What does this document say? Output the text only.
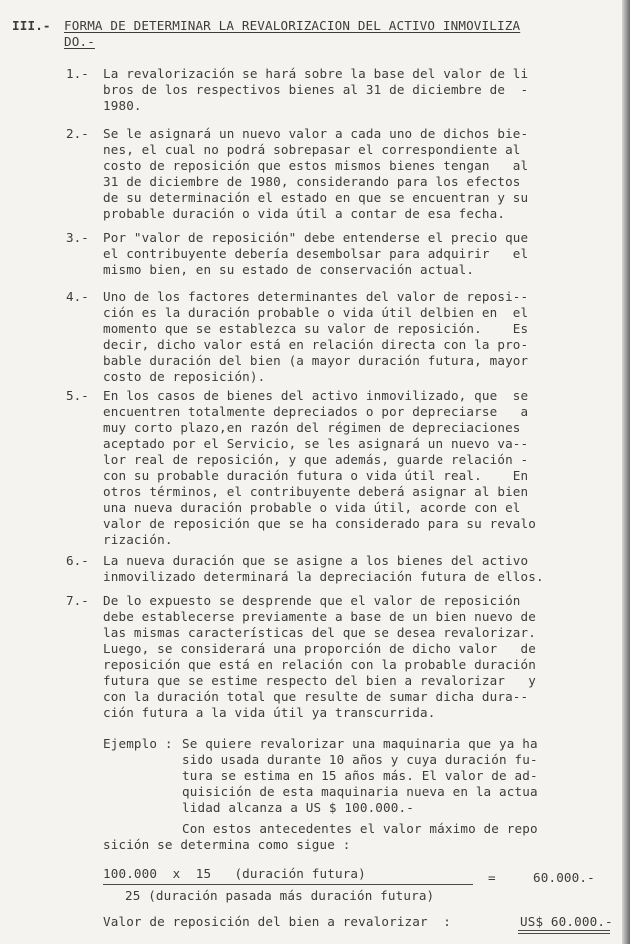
III.- FORMA DE DETERMINAR LA REVALORIZACION DEL ACTIVO INMOVILIZA
DO.-
1.- La revalorización se hará sobre la base del valor de li
bros de los respectivos bienes al 31 de diciembre de  -
1980.
2.- Se le asignará un nuevo valor a cada uno de dichos bie-
nes, el cual no podrá sobrepasar el correspondiente al
costo de reposición que estos mismos bienes tengan   al
31 de diciembre de 1980, considerando para los efectos
de su determinación el estado en que se encuentran y su
probable duración o vida útil a contar de esa fecha.
3.- Por "valor de reposición" debe entenderse el precio que
el contribuyente debería desembolsar para adquirir   el
mismo bien, en su estado de conservación actual.
4.- Uno de los factores determinantes del valor de reposi--
ción es la duración probable o vida útil delbien en  el
momento que se establezca su valor de reposición.    Es
decir, dicho valor está en relación directa con la pro-
bable duración del bien (a mayor duración futura, mayor
costo de reposición).
5.- En los casos de bienes del activo inmovilizado, que  se
encuentren totalmente depreciados o por depreciarse   a
muy corto plazo,en razón del régimen de depreciaciones
aceptado por el Servicio, se les asignará un nuevo va--
lor real de reposición, y que además, guarde relación -
con su probable duración futura o vida útil real.    En
otros términos, el contribuyente deberá asignar al bien
una nueva duración probable o vida útil, acorde con el
valor de reposición que se ha considerado para su revalo
rización.
6.- La nueva duración que se asigne a los bienes del activo
inmovilizado determinará la depreciación futura de ellos.
7.- De lo expuesto se desprende que el valor de reposición
debe establecerse previamente a base de un bien nuevo de
las mismas características del que se desea revalorizar.
Luego, se considerará una proporción de dicho valor   de
reposición que está en relación con la probable duración
futura que se estime respecto del bien a revalorizar   y
con la duración total que resulte de sumar dicha dura--
ción futura a la vida útil ya transcurrida.
Ejemplo : Se quiere revalorizar una maquinaria que ya ha
sido usada durante 10 años y cuya duración fu-
tura se estima en 15 años más. El valor de ad-
quisición de esta maquinaria nueva en la actua
lidad alcanza a US $ 100.000.-
Con estos antecedentes el valor máximo de repo
sición se determina como sigue :
100.000  x  15   (duración futura)	=	60.000.-
25 (duración pasada más duración futura)
Valor de reposición del bien a revalorizar  :	US$ 60.000.-
